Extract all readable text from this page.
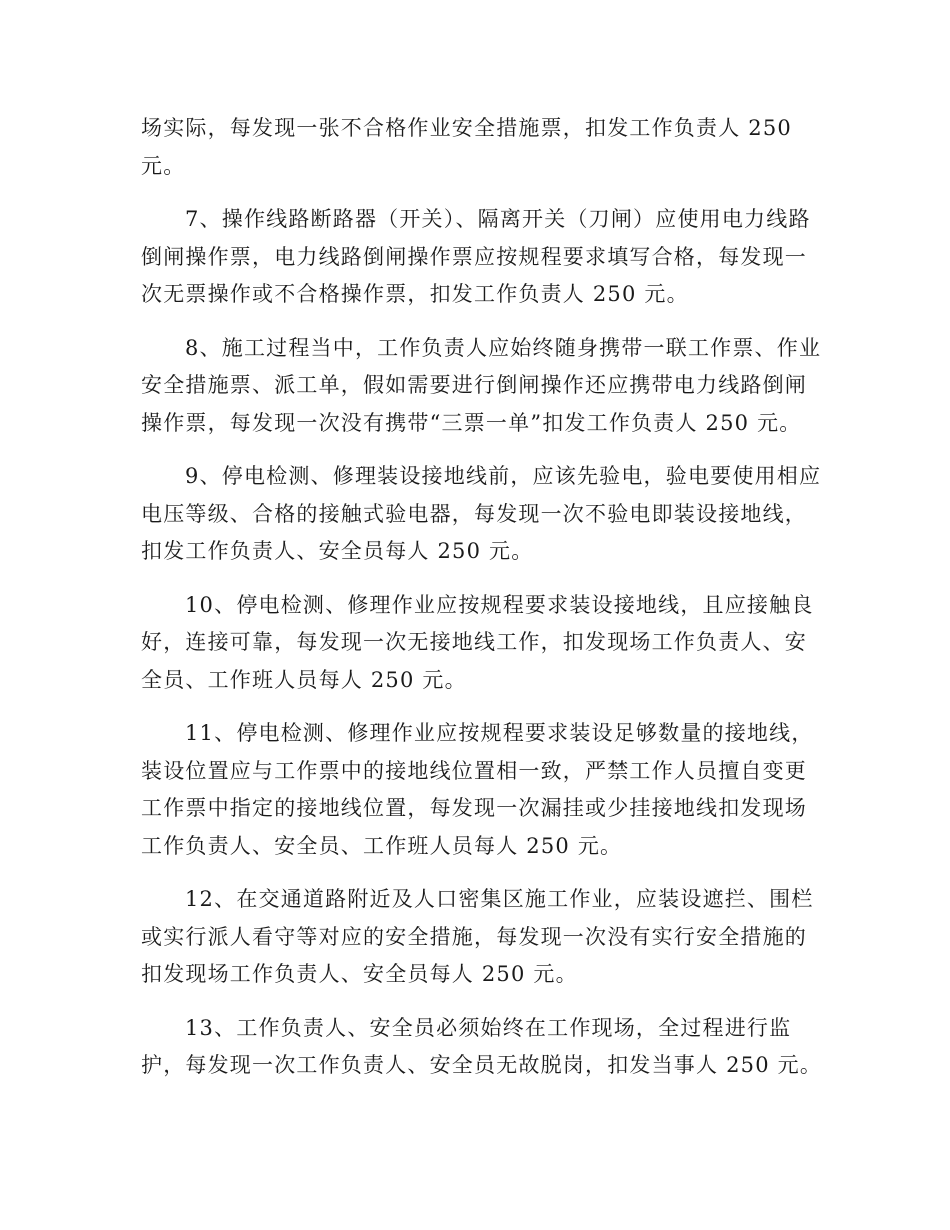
场实际，每发现一张不合格作业安全措施票，扣发工作负责人 250
元。

7、操作线路断路器（开关）、隔离开关（刀闸）应使用电力线路
倒闸操作票，电力线路倒闸操作票应按规程要求填写合格，每发现一
次无票操作或不合格操作票，扣发工作负责人 250 元。

8、施工过程当中，工作负责人应始终随身携带一联工作票、作业
安全措施票、派工单，假如需要进行倒闸操作还应携带电力线路倒闸
操作票，每发现一次没有携带“三票一单”扣发工作负责人 250 元。

9、停电检测、修理装设接地线前，应该先验电，验电要使用相应
电压等级、合格的接触式验电器，每发现一次不验电即装设接地线，
扣发工作负责人、安全员每人 250 元。

10、停电检测、修理作业应按规程要求装设接地线，且应接触良
好，连接可靠，每发现一次无接地线工作，扣发现场工作负责人、安
全员、工作班人员每人 250 元。

11、停电检测、修理作业应按规程要求装设足够数量的接地线，
装设位置应与工作票中的接地线位置相一致，严禁工作人员擅自变更
工作票中指定的接地线位置，每发现一次漏挂或少挂接地线扣发现场
工作负责人、安全员、工作班人员每人 250 元。

12、在交通道路附近及人口密集区施工作业，应装设遮拦、围栏
或实行派人看守等对应的安全措施，每发现一次没有实行安全措施的
扣发现场工作负责人、安全员每人 250 元。

13、工作负责人、安全员必须始终在工作现场，全过程进行监
护，每发现一次工作负责人、安全员无故脱岗，扣发当事人 250 元。
